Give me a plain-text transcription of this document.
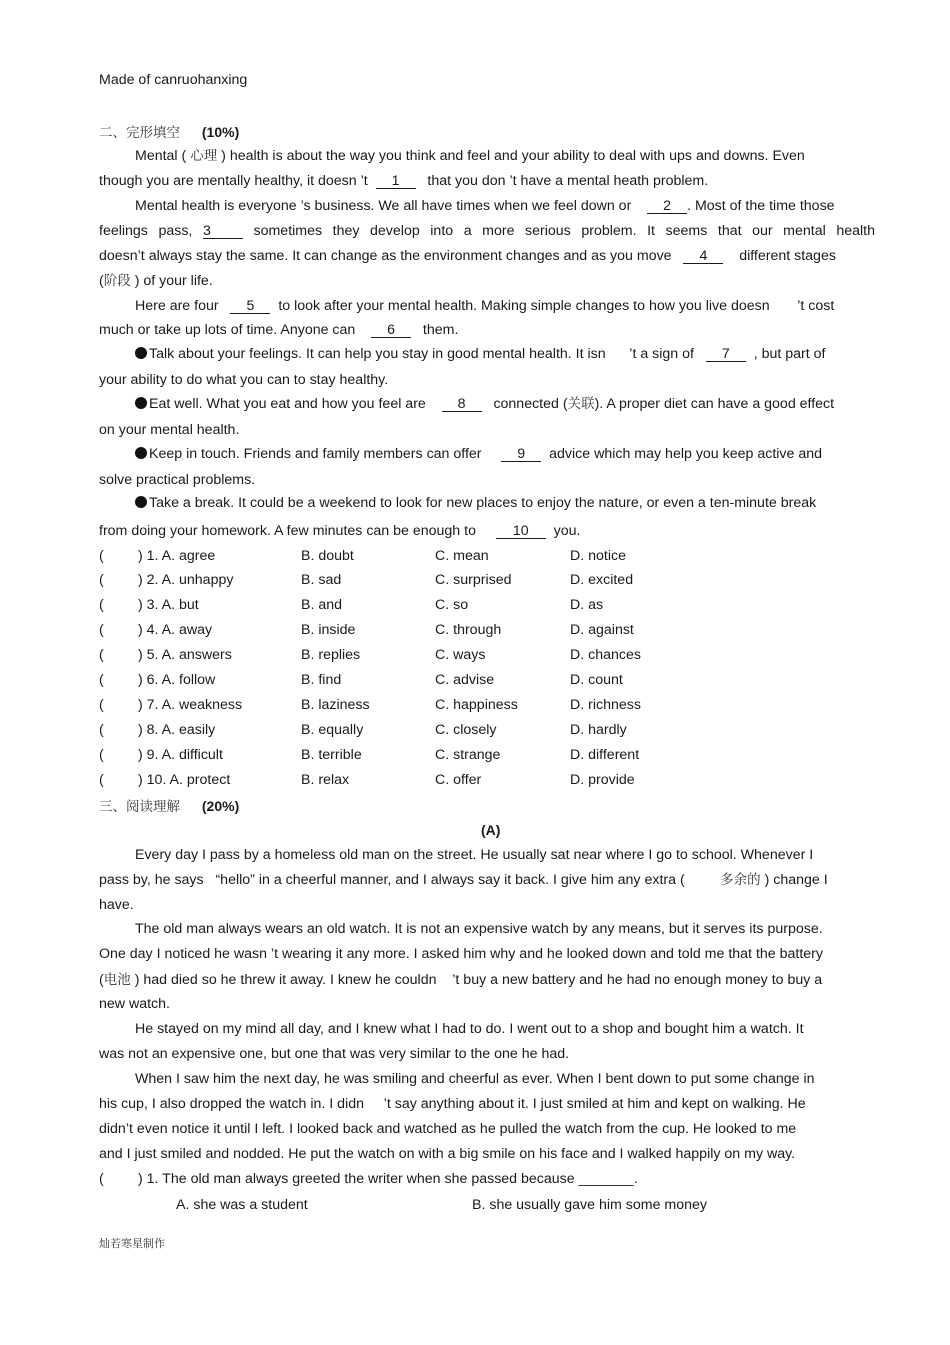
Made of canruohanxing
二、完形填空 (10%)
Mental ( 心理 ) health is about the way you think and feel and your ability to deal with ups and downs. Even
though you are mentally healthy, it doesn ’t 1 that you don ’t have a mental heath problem.
Mental health is everyone ’s business. We all have times when we feel down or 2 . Most of the time those
feelings pass, 3	sometimes they develop into a more serious problem. It seems that our mental health
doesn’t always stay the same. It can change as the environment changes and as you move 4 different stages
(阶段 ) of your life.
Here are four 5 to look after your mental health. Making simple changes to how you live doesn ’t cost
much or take up lots of time. Anyone can 6 them.
Talk about your feelings. It can help you stay in good mental health. It isn ’t a sign of 7 , but part of
your ability to do what you can to stay healthy.
Eat well. What you eat and how you feel are 8 connected (关联). A proper diet can have a good effect
on your mental health.
Keep in touch. Friends and family members can offer	9 advice which may help you keep active and
solve practical problems.
Take a break. It could be a weekend to look for new places to enjoy the nature, or even a ten-minute break
from doing your homework. A few minutes can be enough to	10 you.
( ) 1. A. agree	B. doubt	C. mean	D. notice
( ) 2. A. unhappy	B. sad	C. surprised	D. excited
( ) 3. A. but	B. and	C. so	D. as
( ) 4. A. away	B. inside	C. through	D. against
( ) 5. A. answers	B. replies	C. ways	D. chances
( ) 6. A. follow	B. find	C. advise	D. count
( ) 7. A. weakness	B. laziness	C. happiness	D. richness
( ) 8. A. easily	B. equally	C. closely	D. hardly
( ) 9. A. difficult	B. terrible	C. strange	D. different
( ) 10. A. protect	B. relax	C. offer	D. provide
三、阅读理解 (20%)
(A)
Every day I pass by a homeless old man on the street. He usually sat near where I go to school. Whenever I
pass by, he says “hello” in a cheerful manner, and I always say it back. I give him any extra (	多余的 ) change I
have.
The old man always wears an old watch. It is not an expensive watch by any means, but it serves its purpose.
One day I noticed he wasn ’t wearing it any more. I asked him why and he looked down and told me that the battery
(电池 ) had died so he threw it away. I knew he couldn ’t buy a new battery and he had no enough money to buy a
new watch.
He stayed on my mind all day, and I knew what I had to do. I went out to a shop and bought him a watch. It
was not an expensive one, but one that was very similar to the one he had.
When I saw him the next day, he was smiling and cheerful as ever. When I bent down to put some change in
his cup, I also dropped the watch in. I didn ’t say anything about it. I just smiled at him and kept on walking. He
didn’t even notice it until I left. I looked back and watched as he pulled the watch from the cup. He looked to me
and I just smiled and nodded. He put the watch on with a big smile on his face and I walked happily on my way.
( ) 1. The old man always greeted the writer when she passed because _______.
A. she was a student	B. she usually gave him some money
灿若寒星制作
